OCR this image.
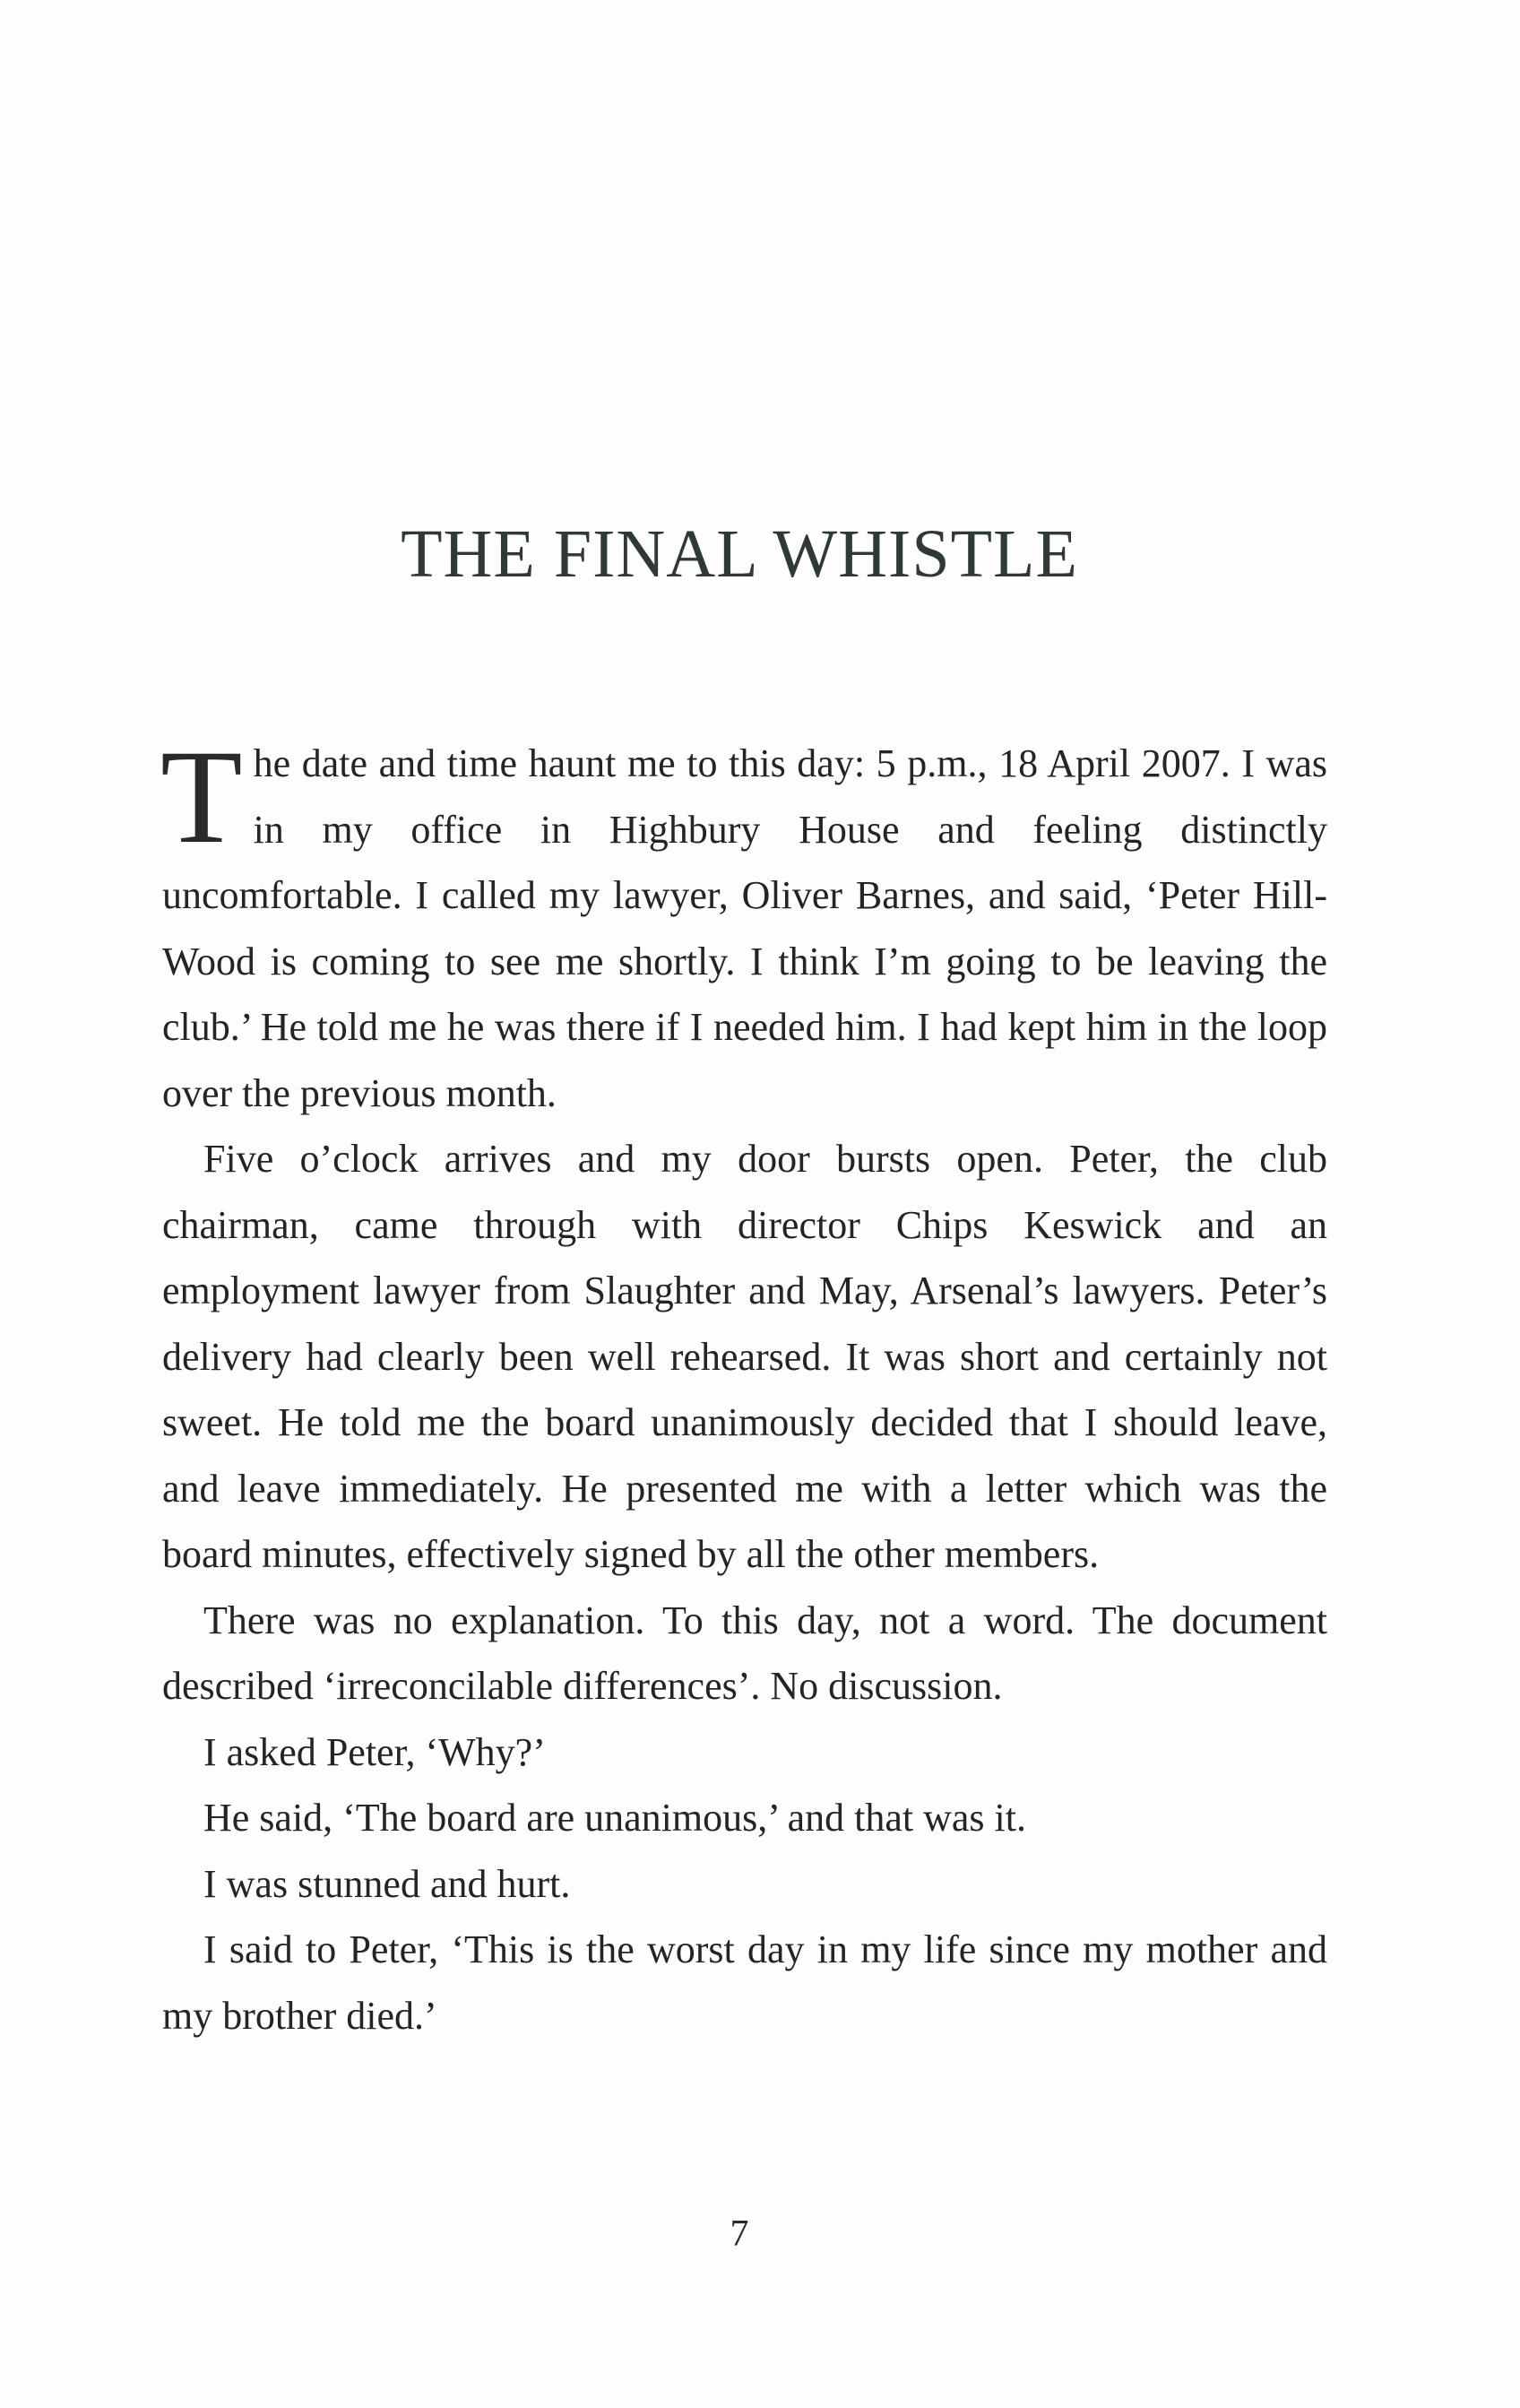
THE FINAL WHISTLE

The date and time haunt me to this day: 5 p.m., 18 April 2007. I was in my office in Highbury House and feeling distinctly uncomfortable. I called my lawyer, Oliver Barnes, and said, ‘Peter Hill-Wood is coming to see me shortly. I think I’m going to be leaving the club.’ He told me he was there if I needed him. I had kept him in the loop over the previous month.

Five o’clock arrives and my door bursts open. Peter, the club chairman, came through with director Chips Keswick and an employment lawyer from Slaughter and May, Arsenal’s lawyers. Peter’s delivery had clearly been well rehearsed. It was short and certainly not sweet. He told me the board unanimously decided that I should leave, and leave immediately. He presented me with a letter which was the board minutes, effectively signed by all the other members.

There was no explanation. To this day, not a word. The document described ‘irreconcilable differences’. No discussion.

I asked Peter, ‘Why?’

He said, ‘The board are unanimous,’ and that was it.

I was stunned and hurt.

I said to Peter, ‘This is the worst day in my life since my mother and my brother died.’

7
